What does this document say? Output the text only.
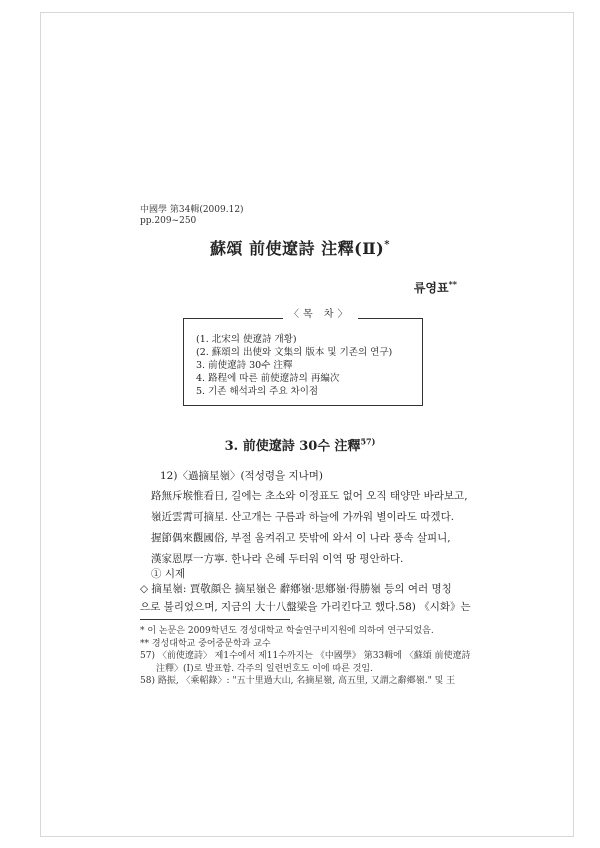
中國學 第34輯(2009.12)
pp.209~250
蘇頌 前使遼詩 注釋(Ⅱ)*
류영표**
〈목 차〉
(1. 北宋의 使遼詩 개황)
(2. 蘇頌의 出使와 文集의 版本 및 기존의 연구)
3. 前使遼詩 30수 注釋
4. 路程에 따른 前使遼詩의 再編次
5. 기존 해석과의 주요 차이점
3. 前使遼詩 30수 注釋$^{57)}$
12)〈過摘星嶺〉(적성령을 지나며)
路無斥堠惟看日, 길에는 초소와 이정표도 없어 오직 태양만 바라보고,
嶺近雲霄可摘星. 산고개는 구름과 하늘에 가까워 별이라도 따겠다.
握節偶來觀國俗, 부절 움켜쥐고 뜻밖에 와서 이 나라 풍속 살피니,
漢家恩厚一方寧. 한나라 은혜 두터워 이역 땅 평안하다.
① 시제
◇ 摘星嶺: 賈敬顔은 摘星嶺은 辭鄕嶺·思鄕嶺·得勝嶺 등의 여러 명칭
으로 불리었으며, 지금의 大十八盤梁을 가리킨다고 했다.58) 《시화》는
* 이 논문은 2009학년도 경성대학교 학술연구비지원에 의하여 연구되었음.
** 경성대학교 중어중문학과 교수
57) 〈前使遼詩〉 제1수에서 제11수까지는 《中國學》 第33輯에 〈蘇頌 前使遼詩
注釋〉(Ⅰ)로 발표함. 각주의 일련번호도 이에 따른 것임.
58) 路振, 〈乘軺錄〉: "五十里過大山, 名摘星嶺, 高五里, 又謂之辭鄕嶺." 및 王
